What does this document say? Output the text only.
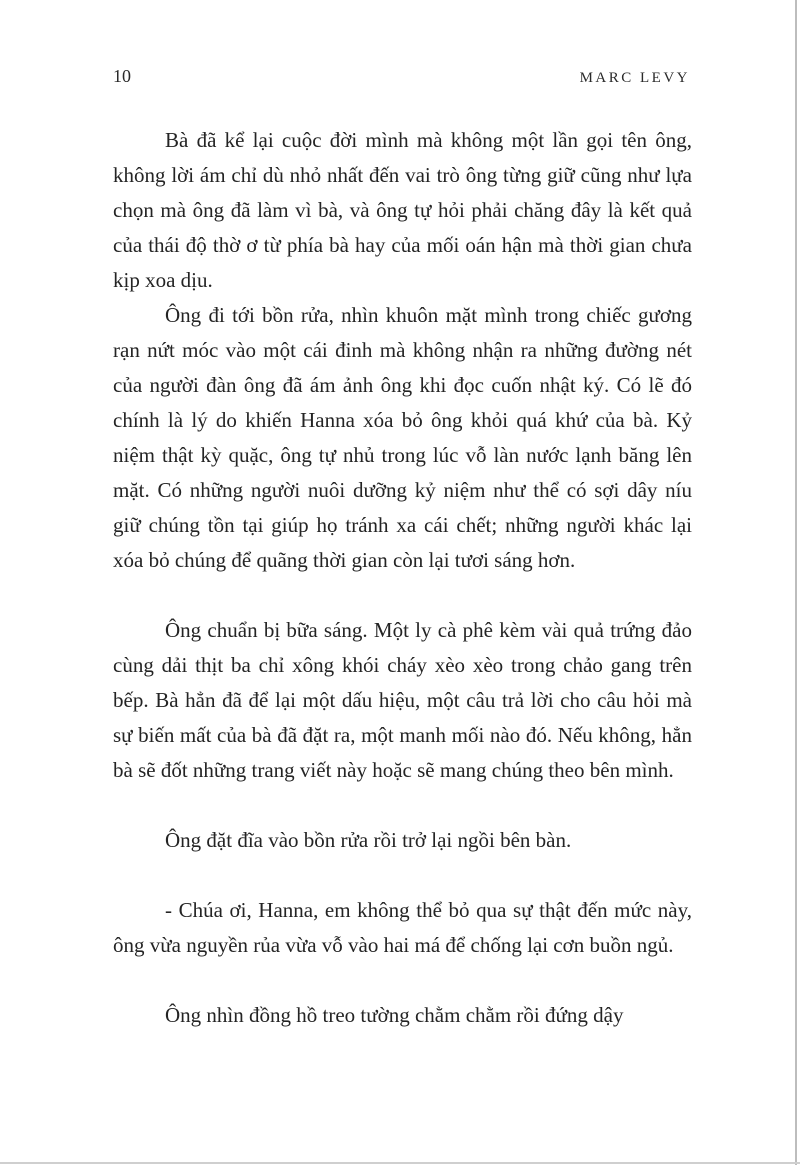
10	MARC LEVY

Bà đã kể lại cuộc đời mình mà không một lần gọi tên ông, không lời ám chỉ dù nhỏ nhất đến vai trò ông từng giữ cũng như lựa chọn mà ông đã làm vì bà, và ông tự hỏi phải chăng đây là kết quả của thái độ thờ ơ từ phía bà hay của mối oán hận mà thời gian chưa kịp xoa dịu.

Ông đi tới bồn rửa, nhìn khuôn mặt mình trong chiếc gương rạn nứt móc vào một cái đinh mà không nhận ra những đường nét của người đàn ông đã ám ảnh ông khi đọc cuốn nhật ký. Có lẽ đó chính là lý do khiến Hanna xóa bỏ ông khỏi quá khứ của bà. Kỷ niệm thật kỳ quặc, ông tự nhủ trong lúc vỗ làn nước lạnh băng lên mặt. Có những người nuôi dưỡng kỷ niệm như thể có sợi dây níu giữ chúng tồn tại giúp họ tránh xa cái chết; những người khác lại xóa bỏ chúng để quãng thời gian còn lại tươi sáng hơn.

Ông chuẩn bị bữa sáng. Một ly cà phê kèm vài quả trứng đảo cùng dải thịt ba chỉ xông khói cháy xèo xèo trong chảo gang trên bếp. Bà hẳn đã để lại một dấu hiệu, một câu trả lời cho câu hỏi mà sự biến mất của bà đã đặt ra, một manh mối nào đó. Nếu không, hẳn bà sẽ đốt những trang viết này hoặc sẽ mang chúng theo bên mình.

Ông đặt đĩa vào bồn rửa rồi trở lại ngồi bên bàn.

- Chúa ơi, Hanna, em không thể bỏ qua sự thật đến mức này, ông vừa nguyền rủa vừa vỗ vào hai má để chống lại cơn buồn ngủ.

Ông nhìn đồng hồ treo tường chằm chằm rồi đứng dậy
